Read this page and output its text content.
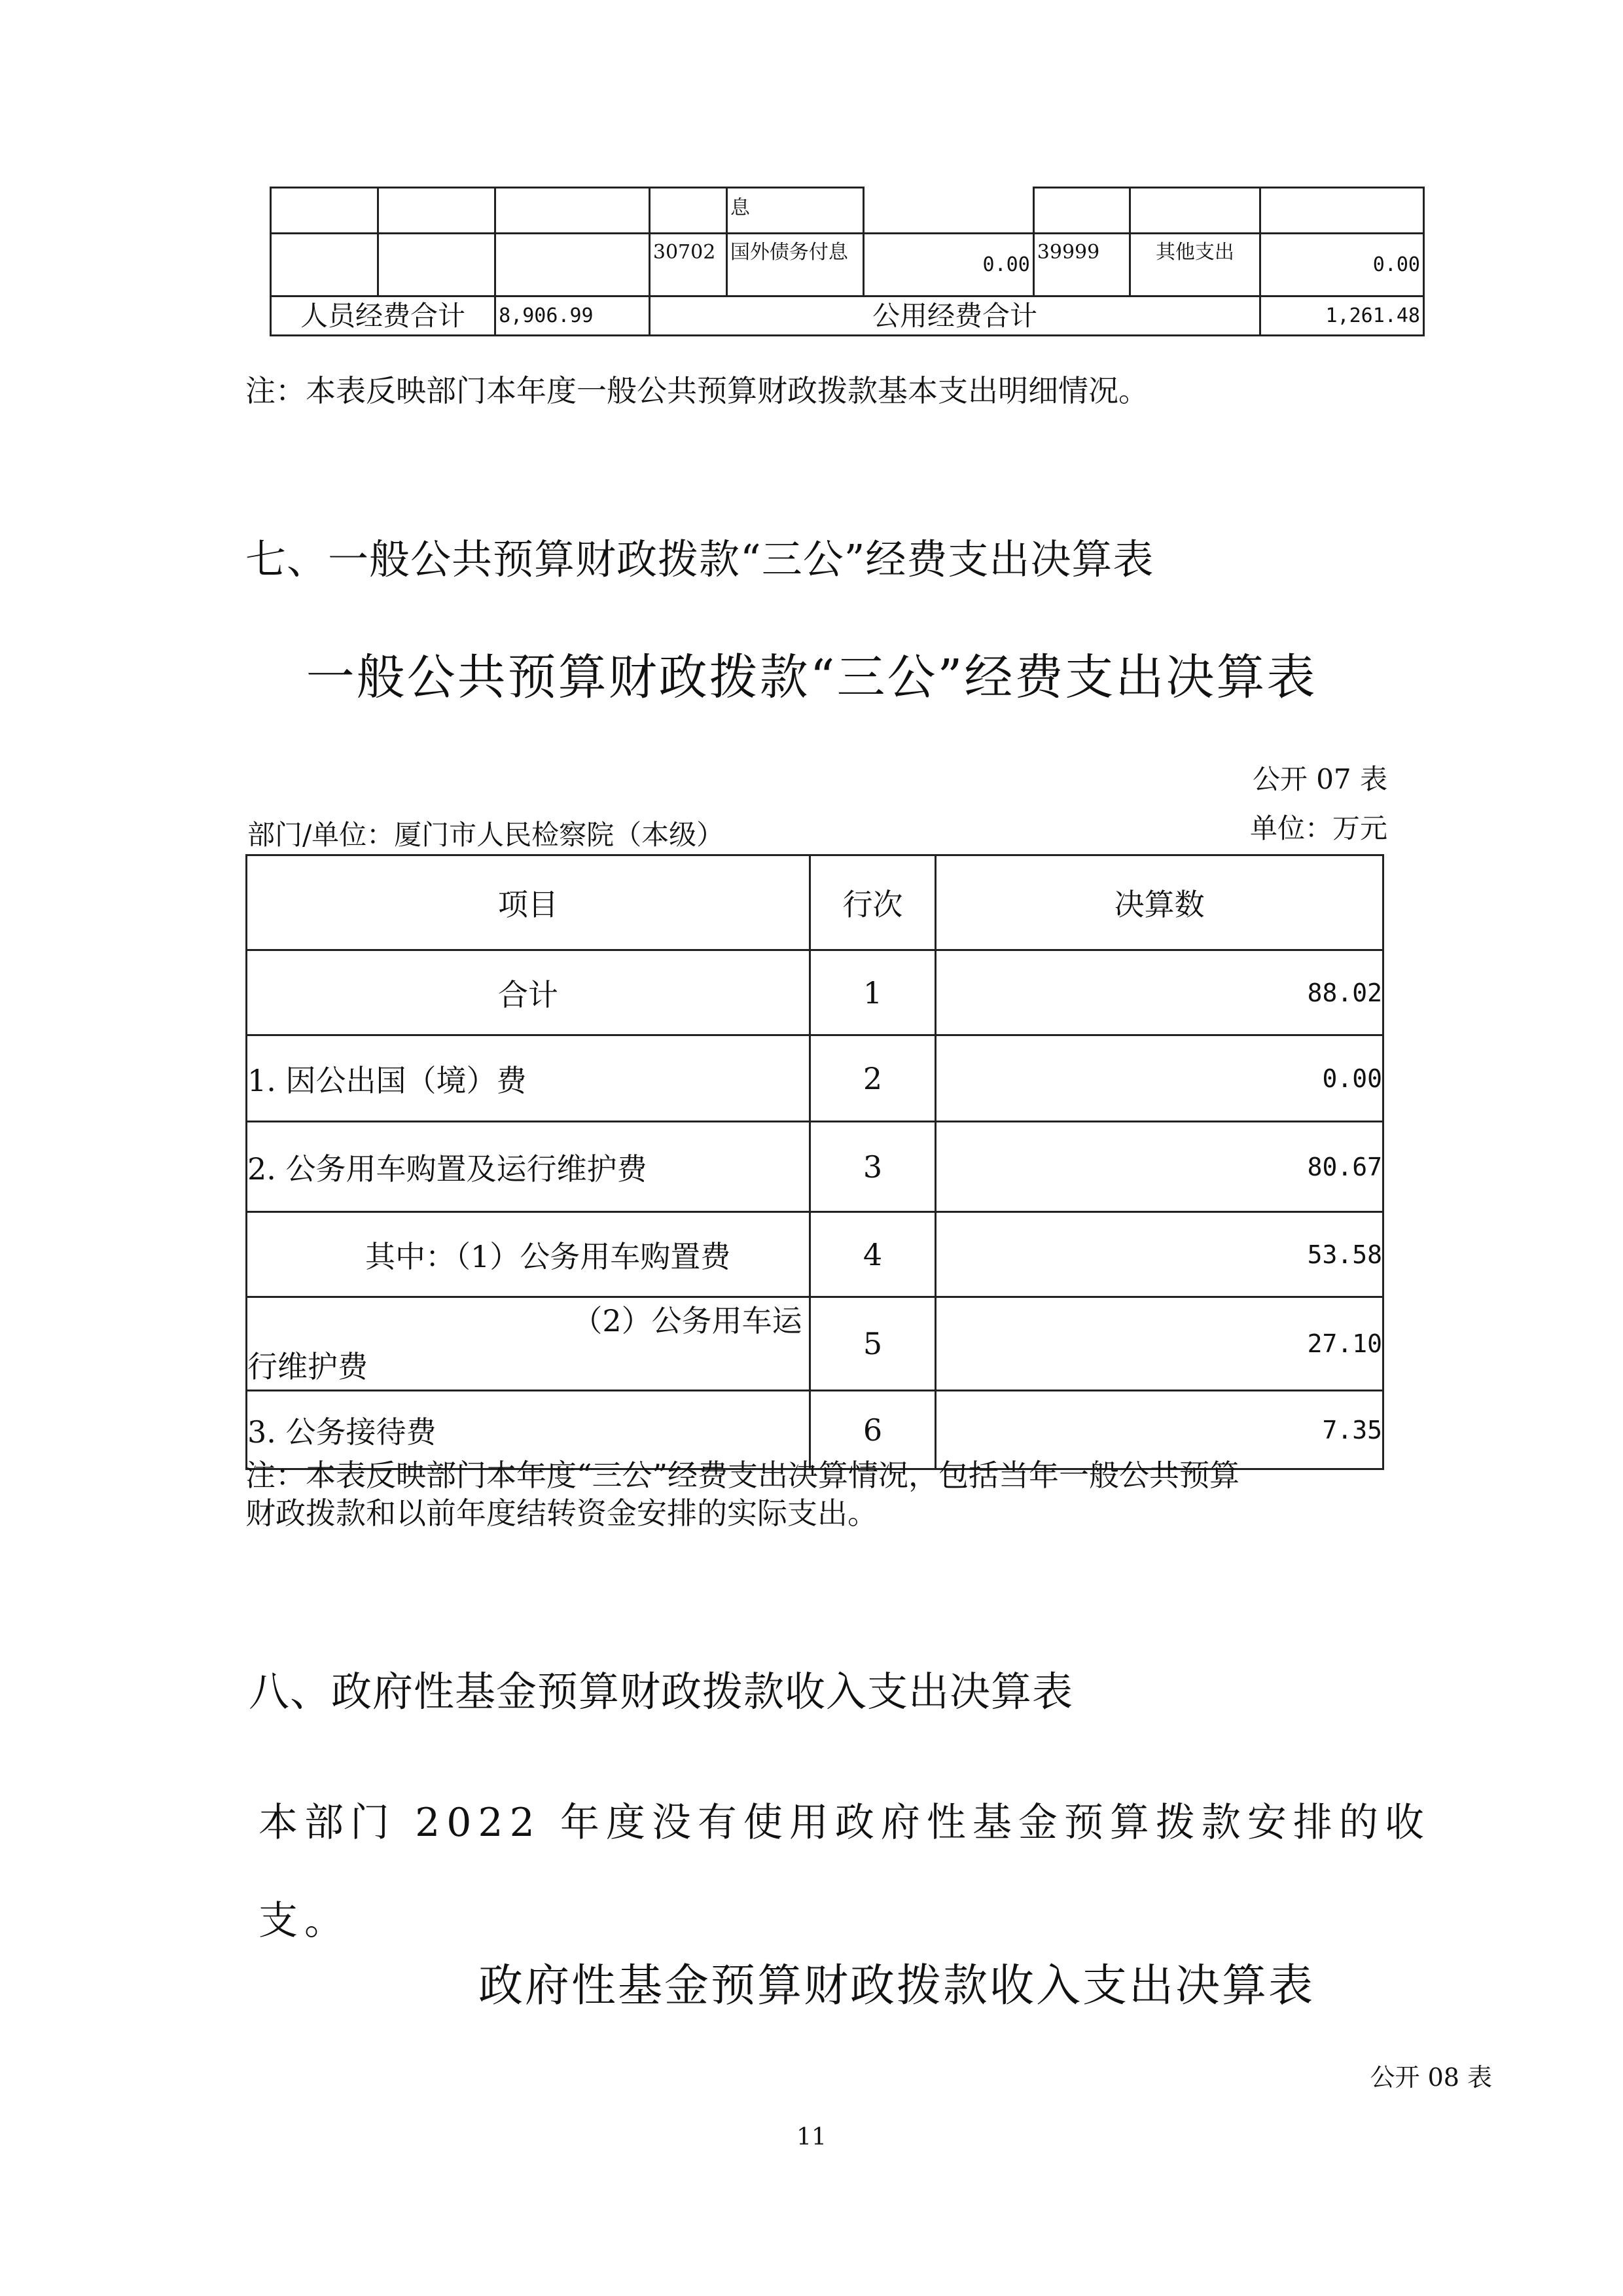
				息				
			30702	国外债务付息	0.00	39999	其他支出	0.00
人员经费合计		8,906.99	公用经费合计					1,261.48
注：本表反映部门本年度一般公共预算财政拨款基本支出明细情况。
七、一般公共预算财政拨款“三公”经费支出决算表
一般公共预算财政拨款“三公”经费支出决算表
公开 07 表
部门/单位：厦门市人民检察院（本级）	单位：万元
项目	行次	决算数
合计	1	88.02
1. 因公出国（境）费	2	0.00
2. 公务用车购置及运行维护费	3	80.67
其中：（1）公务用车购置费	4	53.58

（2）公务用车运
行维护费	5	27.10
3. 公务接待费	6	7.35
注：本表反映部门本年度“三公”经费支出决算情况，包括当年一般公共预算
财政拨款和以前年度结转资金安排的实际支出。
八、政府性基金预算财政拨款收入支出决算表
本部门 2022 年度没有使用政府性基金预算拨款安排的收
支。
政府性基金预算财政拨款收入支出决算表
公开 08 表
11
